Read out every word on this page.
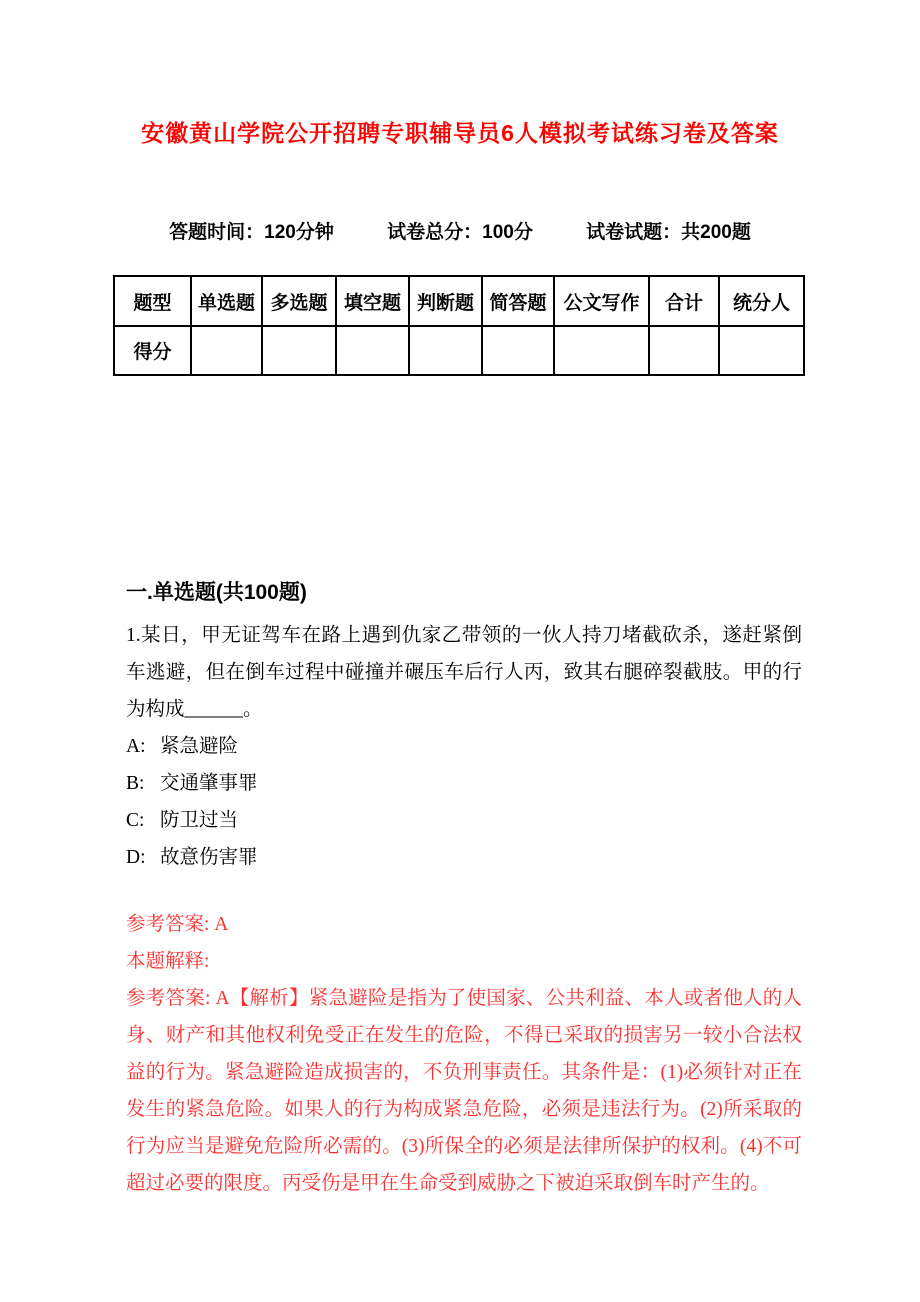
安徽黄山学院公开招聘专职辅导员6人模拟考试练习卷及答案
答题时间：120分钟	试卷总分：100分	试卷试题：共200题
题型	单选题	多选题	填空题	判断题	简答题	公文写作	合计	统分人
得分								
一.单选题(共100题)

1.某日，甲无证驾车在路上遇到仇家乙带领的一伙人持刀堵截砍杀，遂赶紧倒车逃避，但在倒车过程中碰撞并碾压车后行人丙，致其右腿碎裂截肢。甲的行为构成______。

A: 紧急避险
B: 交通肇事罪
C: 防卫过当
D: 故意伤害罪
参考答案: A
本题解释:
参考答案: A【解析】紧急避险是指为了使国家、公共利益、本人或者他人的人身、财产和其他权利免受正在发生的危险，不得已采取的损害另一较小合法权益的行为。紧急避险造成损害的，不负刑事责任。其条件是：(1)必须针对正在发生的紧急危险。如果人的行为构成紧急危险，必须是违法行为。(2)所采取的行为应当是避免危险所必需的。(3)所保全的必须是法律所保护的权利。(4)不可超过必要的限度。丙受伤是甲在生命受到威胁之下被迫采取倒车时产生的。
